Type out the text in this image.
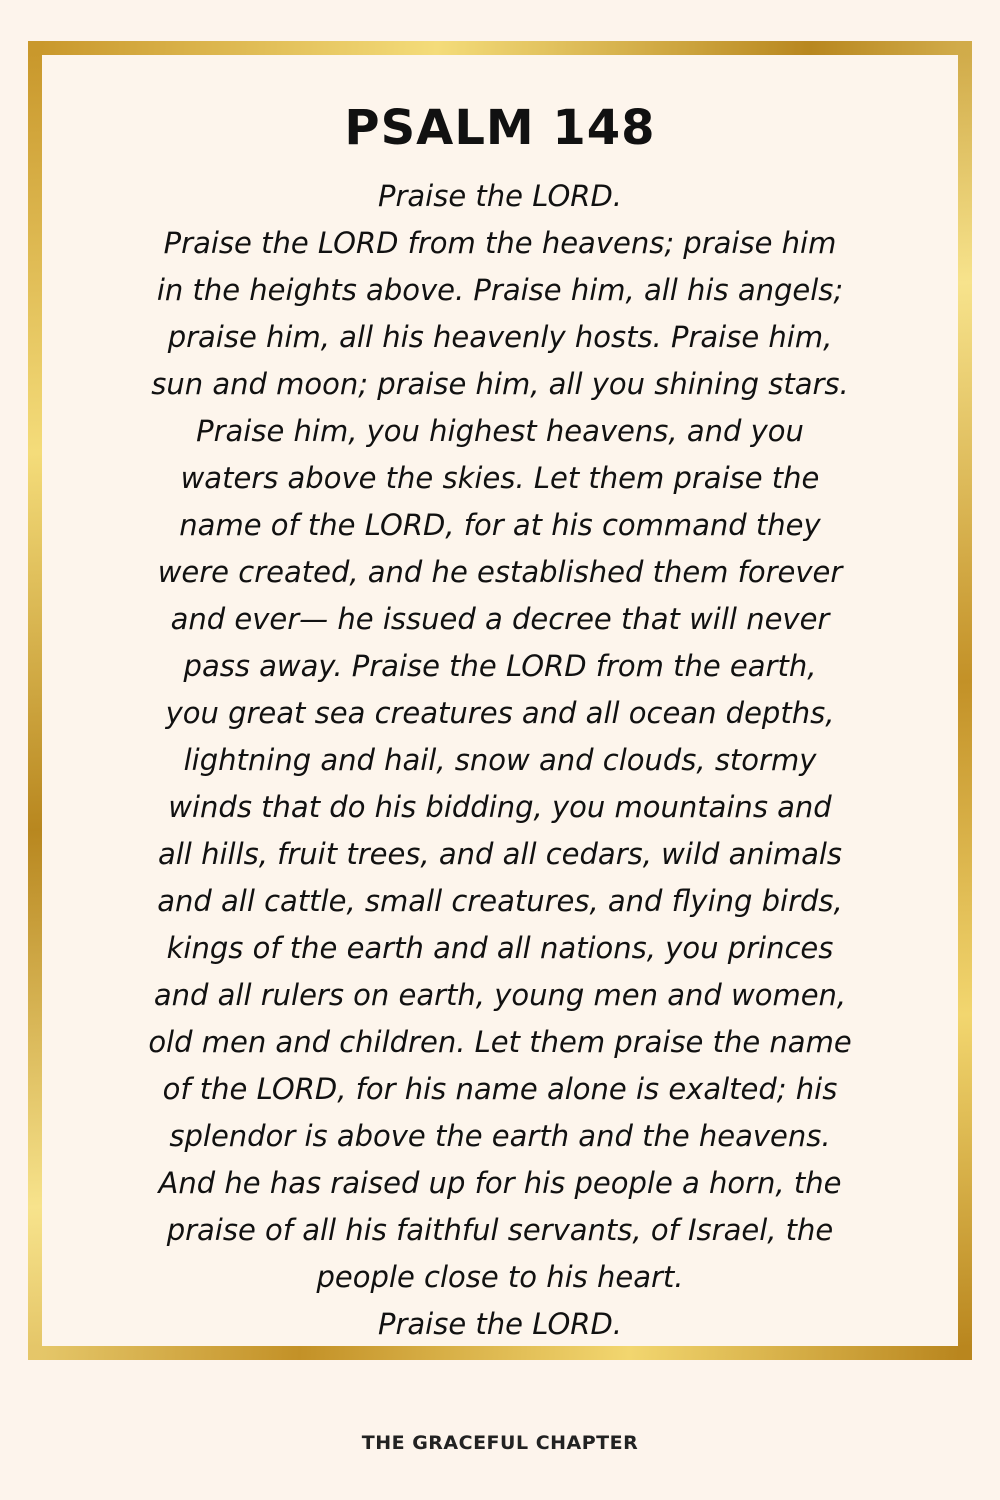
PSALM 148
Praise the LORD.
Praise the LORD from the heavens; praise him
in the heights above. Praise him, all his angels;
praise him, all his heavenly hosts. Praise him,
sun and moon; praise him, all you shining stars.
Praise him, you highest heavens, and you
waters above the skies. Let them praise the
name of the LORD, for at his command they
were created, and he established them forever
and ever— he issued a decree that will never
pass away. Praise the LORD from the earth,
you great sea creatures and all ocean depths,
lightning and hail, snow and clouds, stormy
winds that do his bidding, you mountains and
all hills, fruit trees, and all cedars, wild animals
and all cattle, small creatures, and flying birds,
kings of the earth and all nations, you princes
and all rulers on earth, young men and women,
old men and children. Let them praise the name
of the LORD, for his name alone is exalted; his
splendor is above the earth and the heavens.
And he has raised up for his people a horn, the
praise of all his faithful servants, of Israel, the
people close to his heart.
Praise the LORD.
THE GRACEFUL CHAPTER
